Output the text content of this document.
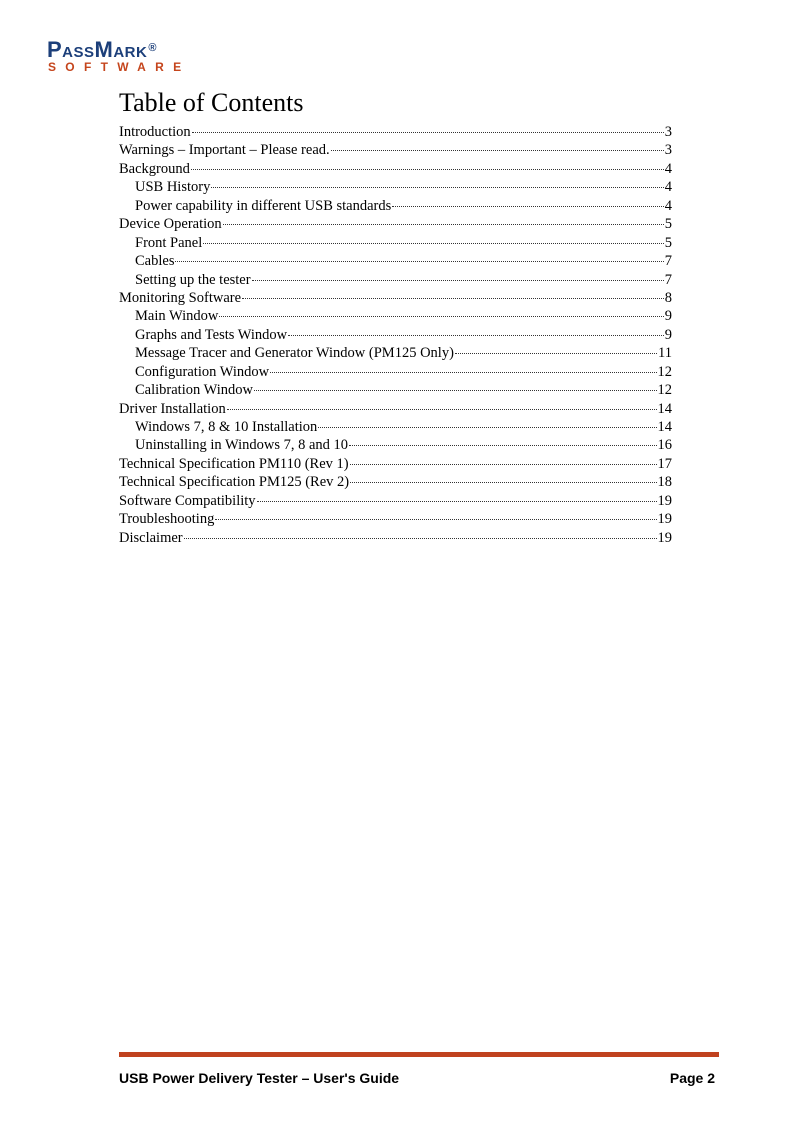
PassMark®
SOFTWARE
Table of Contents
Introduction	3
Warnings – Important – Please read.	3
Background	4
USB History	4
Power capability in different USB standards	4
Device Operation	5
Front Panel	5
Cables	7
Setting up the tester	7
Monitoring Software	8
Main Window	9
Graphs and Tests Window	9
Message Tracer and Generator Window (PM125 Only)	11
Configuration Window	12
Calibration Window	12
Driver Installation	14
Windows 7, 8 & 10 Installation	14
Uninstalling in Windows 7, 8 and 10	16
Technical Specification PM110 (Rev 1)	17
Technical Specification PM125 (Rev 2)	18
Software Compatibility	19
Troubleshooting	19
Disclaimer	19
USB Power Delivery Tester – User's Guide	Page 2
